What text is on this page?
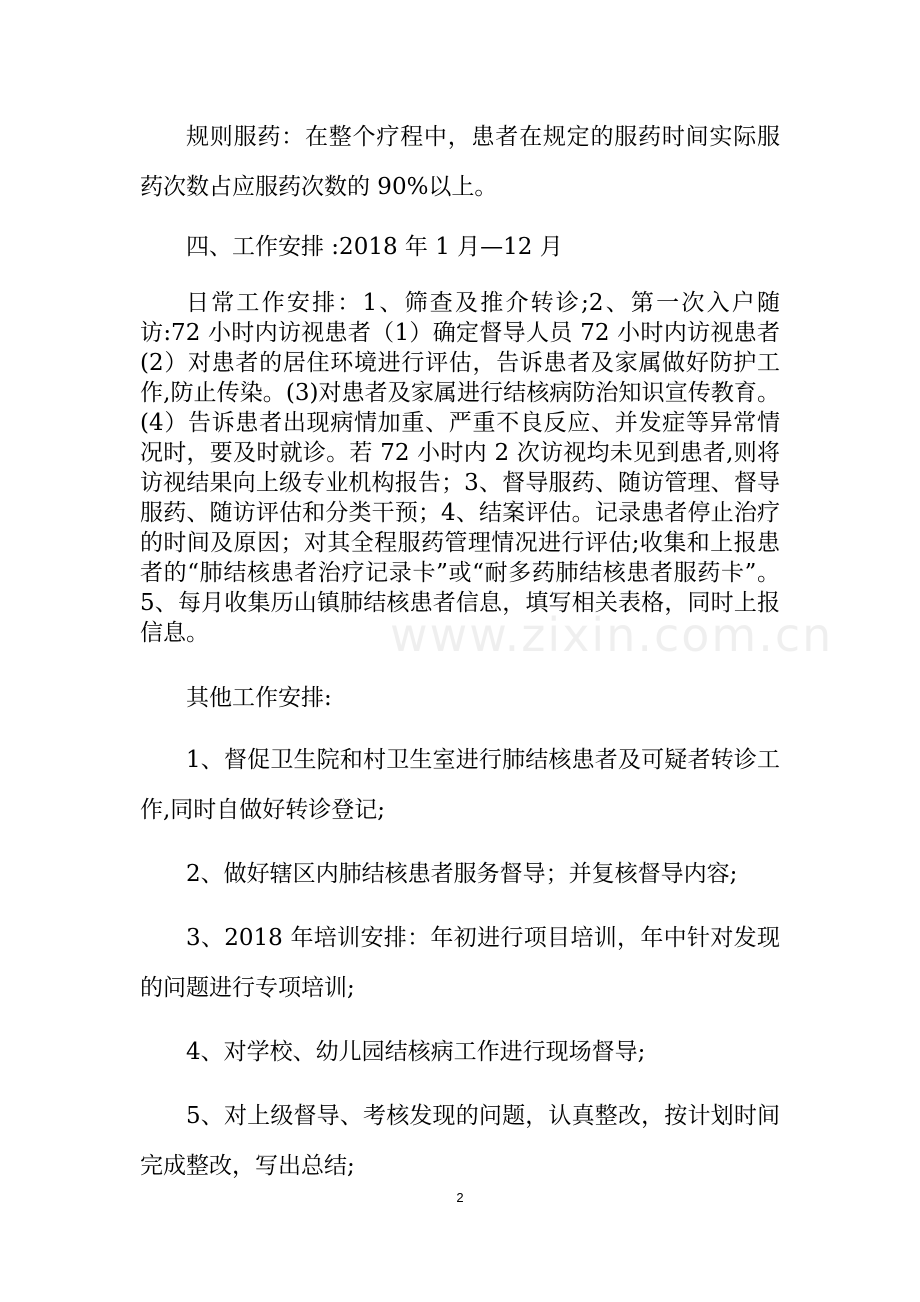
规则服药：在整个疗程中，患者在规定的服药时间实际服药次数占应服药次数的 90%以上。

四、工作安排 :2018 年 1 月—12 月

日常工作安排：1、筛查及推介转诊;2、第一次入户随访:72 小时内访视患者（1）确定督导人员 72 小时内访视患者(2）对患者的居住环境进行评估，告诉患者及家属做好防护工作,防止传染。(3)对患者及家属进行结核病防治知识宣传教育。(4）告诉患者出现病情加重、严重不良反应、并发症等异常情况时，要及时就诊。若 72 小时内 2 次访视均未见到患者,则将访视结果向上级专业机构报告；3、督导服药、随访管理、督导服药、随访评估和分类干预；4、结案评估。记录患者停止治疗的时间及原因；对其全程服药管理情况进行评估;收集和上报患者的“肺结核患者治疗记录卡”或“耐多药肺结核患者服药卡”。5、每月收集历山镇肺结核患者信息，填写相关表格，同时上报信息。	www.zixin.com.cn
其他工作安排:

1、督促卫生院和村卫生室进行肺结核患者及可疑者转诊工作,同时自做好转诊登记;

2、做好辖区内肺结核患者服务督导；并复核督导内容;

3、2018 年培训安排：年初进行项目培训，年中针对发现的问题进行专项培训;

4、对学校、幼儿园结核病工作进行现场督导;

5、对上级督导、考核发现的问题，认真整改，按计划时间完成整改，写出总结;

2
